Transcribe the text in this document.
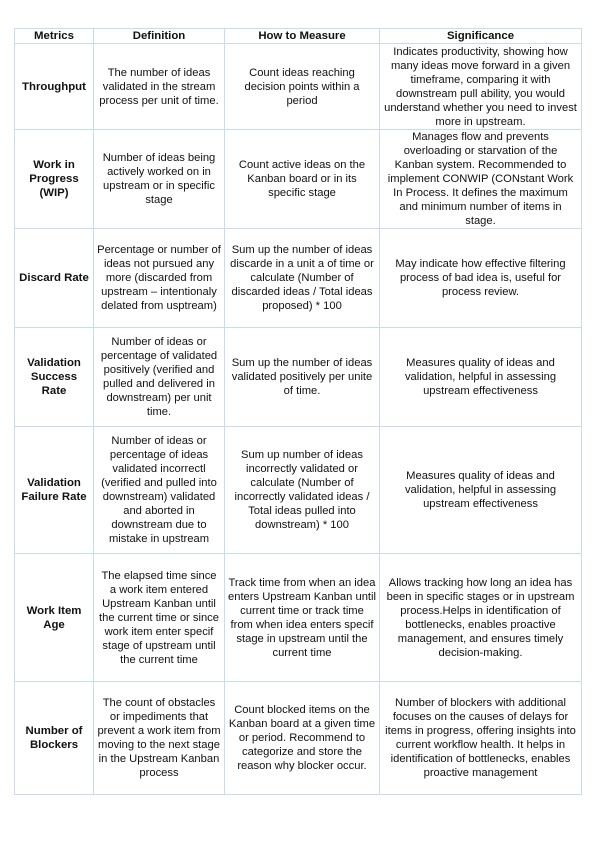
Metrics	Definition	How to Measure	Significance
Throughput	The number of ideas validated in the stream process per unit of time.	Count ideas reaching decision points within a period	Indicates productivity, showing how many ideas move forward in a given timeframe, comparing it with downstream pull ability, you would understand whether you need to invest more in upstream.
Work in Progress (WIP)	Number of ideas being actively worked on in upstream or in specific stage	Count active ideas on the Kanban board or in its specific stage	Manages flow and prevents overloading or starvation of the Kanban system. Recommended to implement CONWIP (CONstant Work In Process. It defines the maximum and minimum number of items in stage.
Discard Rate	Percentage or number of ideas not pursued any more (discarded from upstream – intentionaly delated from usptream)	Sum up the number of ideas discarde in a unit a of time or calculate (Number of discarded ideas / Total ideas proposed) * 100	May indicate how effective filtering process of bad idea is, useful for process review.
Validation Success Rate	Number of ideas or percentage of validated positively (verified and pulled and delivered in downstream) per unit time.	Sum up the number of ideas validated positively per unite of time.	Measures quality of ideas and validation, helpful in assessing upstream effectiveness
Validation Failure Rate	Number of ideas or percentage of ideas validated incorrectl (verified and pulled into downstream) validated and aborted in downstream due to mistake in upstream	Sum up number of ideas incorrectly validated or calculate (Number of incorrectly validated ideas / Total ideas pulled into downstream) * 100	Measures quality of ideas and validation, helpful in assessing upstream effectiveness
Work Item Age	The elapsed time since a work item entered Upstream Kanban until the current time or since work item enter specif stage of upstream until the current time	Track time from when an idea enters Upstream Kanban until current time or track time from when idea enters specif stage in upstream until the current time	Allows tracking how long an idea has been in specific stages or in upstream process.Helps in identification of bottlenecks, enables proactive management, and ensures timely decision-making.
Number of Blockers	The count of obstacles or impediments that prevent a work item from moving to the next stage in the Upstream Kanban process	Count blocked items on the Kanban board at a given time or period. Recommend to categorize and store the reason why blocker occur.	Number of blockers with additional focuses on the causes of delays for items in progress, offering insights into current workflow health. It helps in identification of bottlenecks, enables proactive management
